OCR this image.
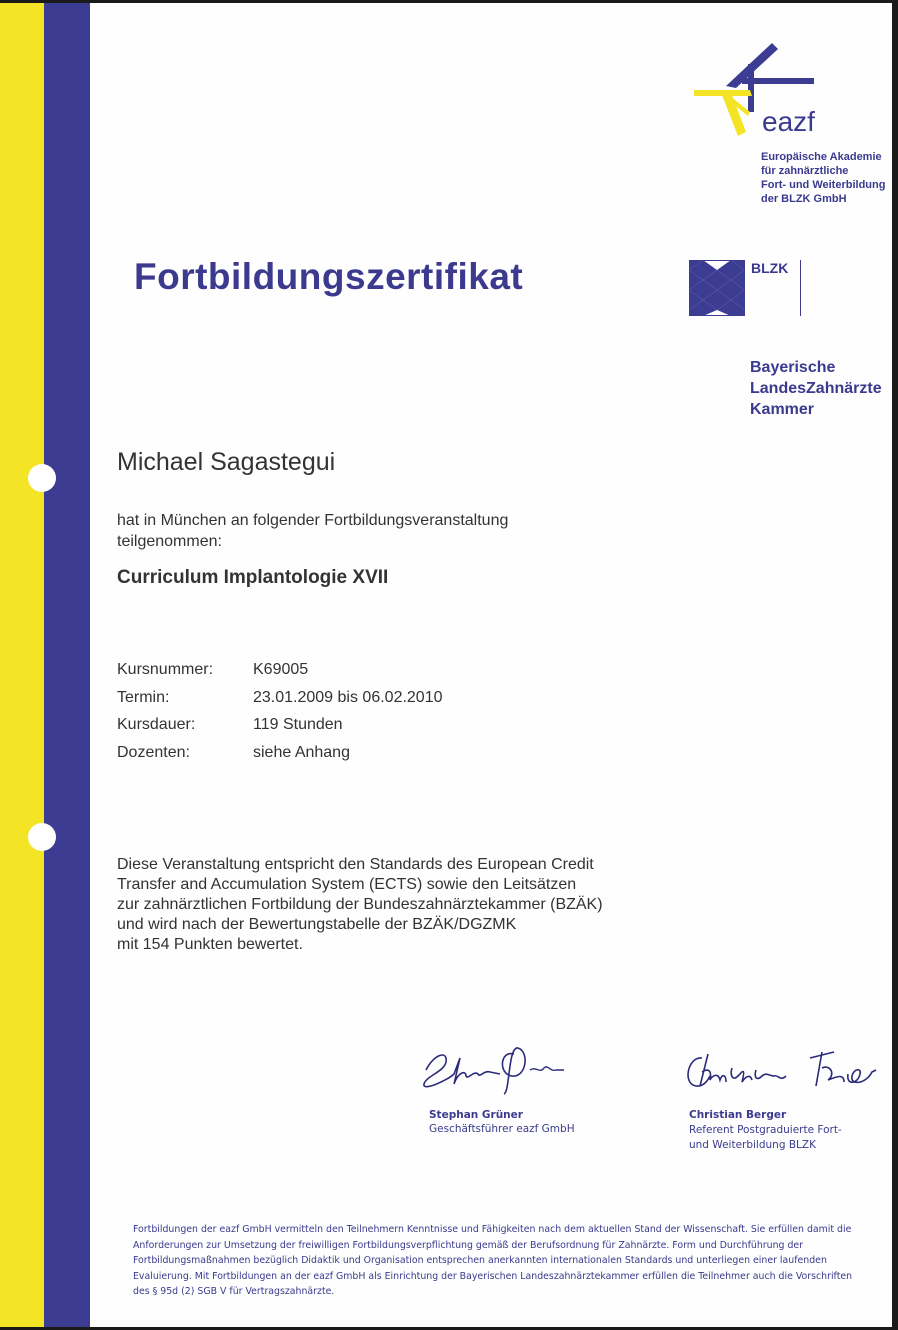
eazf
Europäische Akademie
für zahnärztliche
Fort- und Weiterbildung
der BLZK GmbH
BLZK
Bayerische
LandesZahnärzte
Kammer
Fortbildungszertifikat
Michael Sagastegui
hat in München an folgender Fortbildungsveranstaltung
teilgenommen:
Curriculum Implantologie XVII
Kursnummer: K69005
Termin:	23.01.2009 bis 06.02.2010
Kursdauer:	119 Stunden
Dozenten:	siehe Anhang
Diese Veranstaltung entspricht den Standards des European Credit
Transfer and Accumulation System (ECTS) sowie den Leitsätzen
zur zahnärztlichen Fortbildung der Bundeszahnärztekammer (BZÄK)
und wird nach der Bewertungstabelle der BZÄK/DGZMK
mit 154 Punkten bewertet.
Stephan Grüner
Geschäftsführer eazf GmbH
Christian Berger
Referent Postgraduierte Fort-
und Weiterbildung BLZK
Fortbildungen der eazf GmbH vermitteln den Teilnehmern Kenntnisse und Fähigkeiten nach dem aktuellen Stand der Wissenschaft. Sie erfüllen damit die
Anforderungen zur Umsetzung der freiwilligen Fortbildungsverpflichtung gemäß der Berufsordnung für Zahnärzte. Form und Durchführung der
Fortbildungsmaßnahmen bezüglich Didaktik und Organisation entsprechen anerkannten internationalen Standards und unterliegen einer laufenden
Evaluierung. Mit Fortbildungen an der eazf GmbH als Einrichtung der Bayerischen Landeszahnärztekammer erfüllen die Teilnehmer auch die Vorschriften
des § 95d (2) SGB V für Vertragszahnärzte.
